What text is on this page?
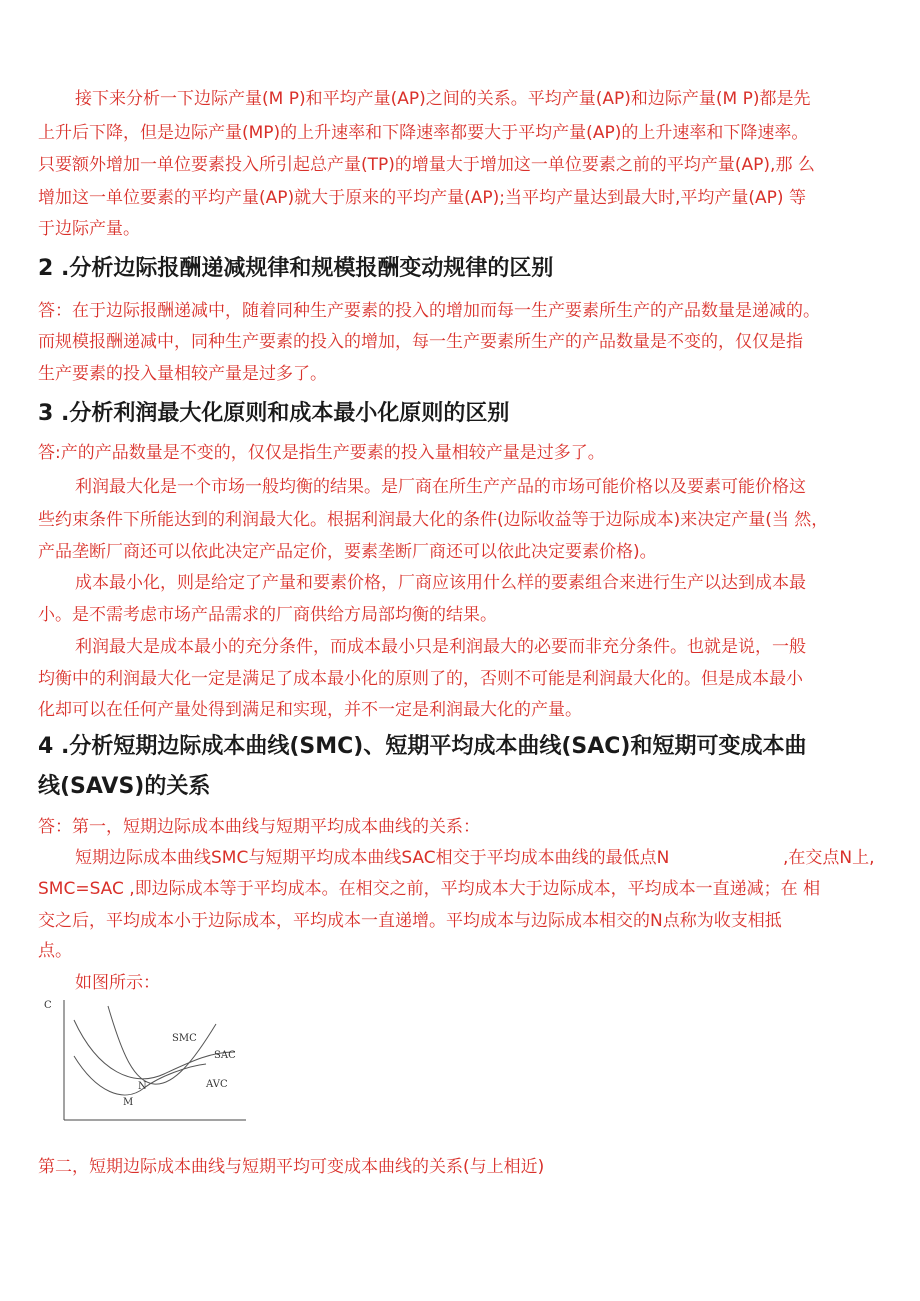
接下来分析一下边际产量(M P)和平均产量(AP)之间的关系。平均产量(AP)和边际产量(M P)都是先

上升后下降，但是边际产量(MP)的上升速率和下降速率都要大于平均产量(AP)的上升速率和下降速率。

只要额外增加一单位要素投入所引起总产量(TP)的增量大于增加这一单位要素之前的平均产量(AP),那 么

增加这一单位要素的平均产量(AP)就大于原来的平均产量(AP);当平均产量达到最大时,平均产量(AP) 等

于边际产量。

2 .分析边际报酬递减规律和规模报酬变动规律的区别

答：在于边际报酬递减中，随着同种生产要素的投入的增加而每一生产要素所生产的产品数量是递减的。

而规模报酬递减中，同种生产要素的投入的增加，每一生产要素所生产的产品数量是不变的，仅仅是指

生产要素的投入量相较产量是过多了。

3 .分析利润最大化原则和成本最小化原则的区别

答:产的产品数量是不变的，仅仅是指生产要素的投入量相较产量是过多了。

利润最大化是一个市场一般均衡的结果。是厂商在所生产产品的市场可能价格以及要素可能价格这

些约束条件下所能达到的利润最大化。根据利润最大化的条件(边际收益等于边际成本)来决定产量(当 然，

产品垄断厂商还可以依此决定产品定价，要素垄断厂商还可以依此决定要素价格)。

成本最小化，则是给定了产量和要素价格，厂商应该用什么样的要素组合来进行生产以达到成本最

小。是不需考虑市场产品需求的厂商供给方局部均衡的结果。

利润最大是成本最小的充分条件，而成本最小只是利润最大的必要而非充分条件。也就是说，一般

均衡中的利润最大化一定是满足了成本最小化的原则了的，否则不可能是利润最大化的。但是成本最小

化却可以在任何产量处得到满足和实现，并不一定是利润最大化的产量。

4 .分析短期边际成本曲线(SMC)、短期平均成本曲线(SAC)和短期可变成本曲
线(SAVS)的关系

答：第一，短期边际成本曲线与短期平均成本曲线的关系：

短期边际成本曲线SMC与短期平均成本曲线SAC相交于平均成本曲线的最低点N	,在交点N上,

SMC=SAC ,即边际成本等于平均成本。在相交之前，平均成本大于边际成本，平均成本一直递减；在 相

交之后，平均成本小于边际成本，平均成本一直递增。平均成本与边际成本相交的N点称为收支相抵

点。

如图所示：

C
SMC
SAC
AVC
N
M

第二，短期边际成本曲线与短期平均可变成本曲线的关系(与上相近)
